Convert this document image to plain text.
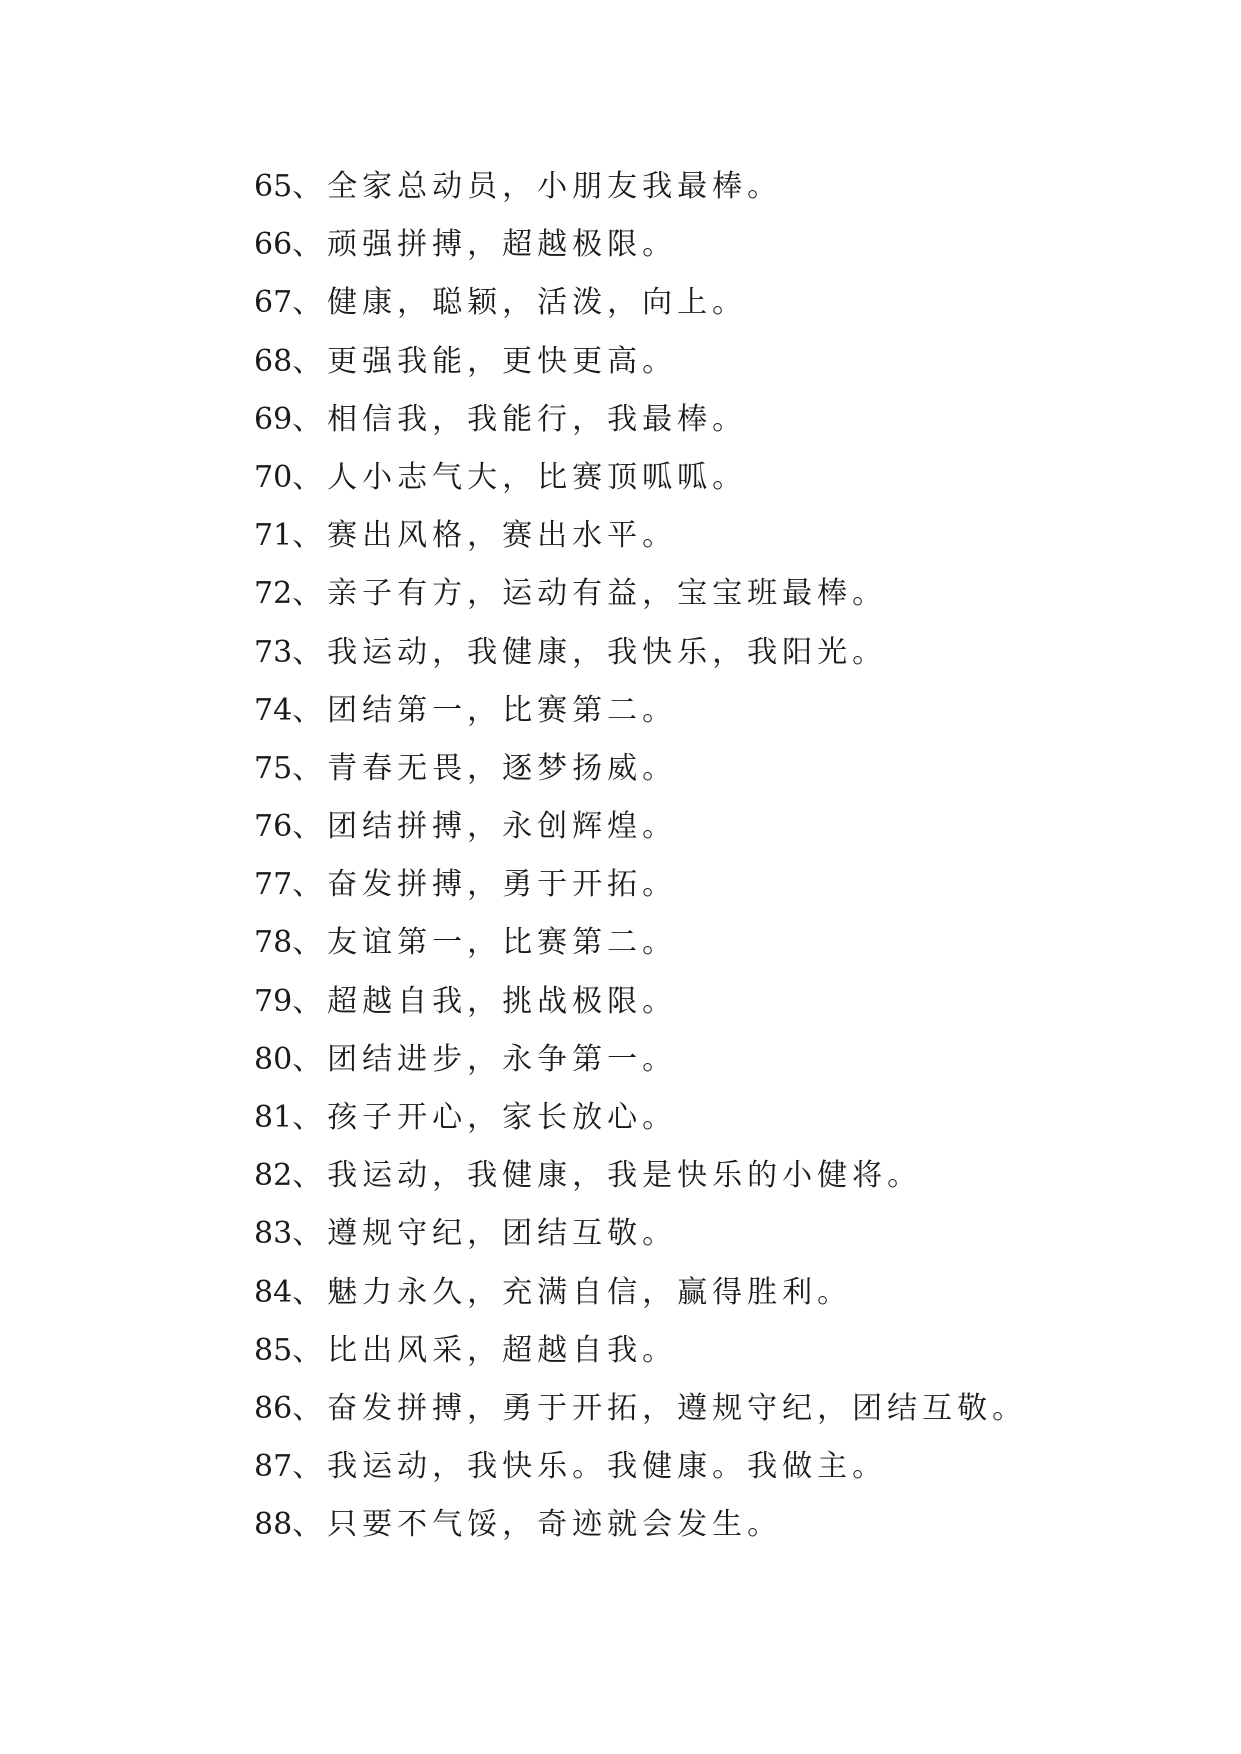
65、全家总动员，小朋友我最棒。
66、顽强拼搏，超越极限。
67、健康，聪颖，活泼，向上。
68、更强我能，更快更高。
69、相信我，我能行，我最棒。
70、人小志气大，比赛顶呱呱。
71、赛出风格，赛出水平。
72、亲子有方，运动有益，宝宝班最棒。
73、我运动，我健康，我快乐，我阳光。
74、团结第一，比赛第二。
75、青春无畏，逐梦扬威。
76、团结拼搏，永创辉煌。
77、奋发拼搏，勇于开拓。
78、友谊第一，比赛第二。
79、超越自我，挑战极限。
80、团结进步，永争第一。
81、孩子开心，家长放心。
82、我运动，我健康，我是快乐的小健将。
83、遵规守纪，团结互敬。
84、魅力永久，充满自信，赢得胜利。
85、比出风采，超越自我。
86、奋发拼搏，勇于开拓，遵规守纪，团结互敬。
87、我运动，我快乐。我健康。我做主。
88、只要不气馁，奇迹就会发生。
